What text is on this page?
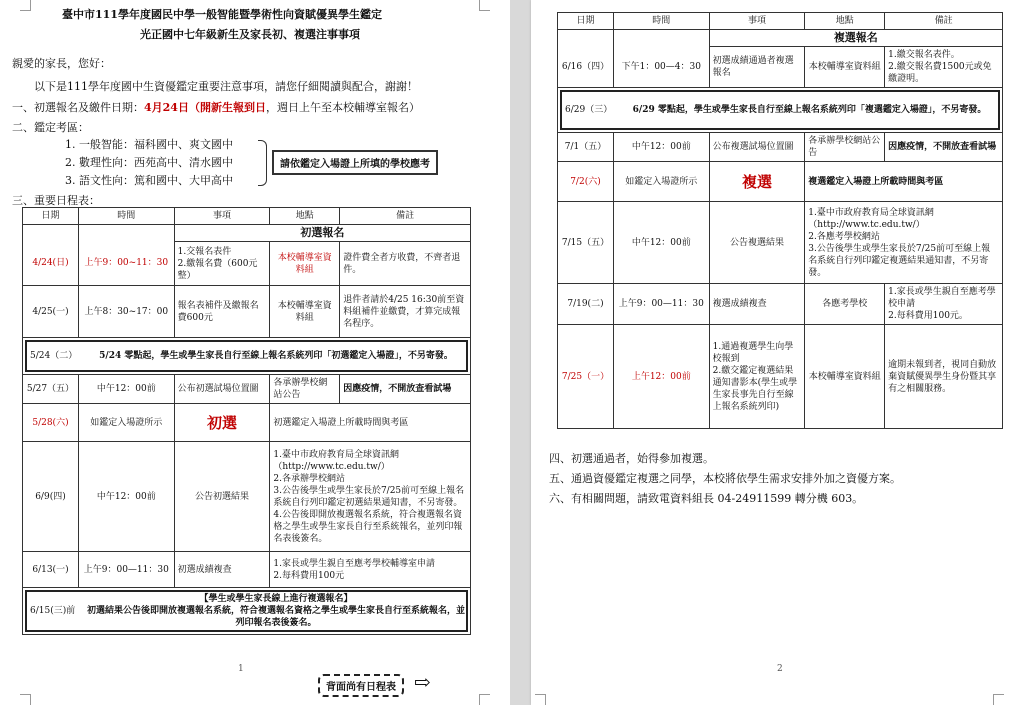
臺中市111學年度國民中學一般智能暨學術性向資賦優異學生鑑定
光正國中七年級新生及家長初、複選注事事項
親愛的家長，您好：
以下是111學年度國中生資優鑑定重要注意事項，請您仔細閱讀與配合，謝謝！
一、初選報名及繳件日期：4月24日（開新生報到日，週日上午至本校輔導室報名）
二、鑑定考區：
1. 一般智能：福科國中、爽文國中
2. 數理性向：西苑高中、清水國中
3. 語文性向：篤和國中、大甲高中
請依鑑定入場證上所填的學校應考
三、重要日程表：
日期	時間	事項	地點	備註
		初選報名		
4/24(日)	上午9：00~11：30	1.交報名表件
2.繳報名費（600元整）	本校輔導室資料組	證件費全者方收費，不齊者退件。
4/25(一)	上午8：30~17：00	報名表補件及繳報名費600元	本校輔導室資料組	退件者請於4/25 16:30前至資料組補件並繳費，才算完成報名程序。

5/24（二） 5/24 零點起，學生或學生家長自行至線上報名系統列印「初選鑑定入場證」，不另寄發。				

5/27（五）	中午12：00前	公布初選試場位置圖	各承辦學校網站公告	因應疫情，不開放查看試場
5/28(六)	如鑑定入場證所示	初選	初選鑑定入場證上所載時間與考區	
6/9(四)	中午12：00前	公告初選結果	1.臺中市政府教育局全球資訊網（http://www.tc.edu.tw/）
2.各承辦學校網站
3.公告後學生或學生家長於7/25前可至線上報名系統自行列印鑑定初選結果通知書，不另寄發。
4.公告後即開放複選報名系統，符合複選報名資格之學生或學生家長自行至系統報名，並列印報名表後簽名。	
6/13(一)	上午9：00—11：30	初選成績複查	1.家長或學生親自至應考學校輔導室申請
2.每科費用100元	

6/15(三)前
【學生或學生家長線上進行複選報名】
初選結果公告後即開放複選報名系統，符合複選報名資格之學生或學生家長自行至系統報名，並列印報名表後簽名。				
1
背面尚有日程表 ⇨
日期	時間	事項	地點	備註
		複選報名		
6/16（四）	下午1：00—4：30	初選成績通過者複選報名	本校輔導室資料組	1.繳交報名表件。
2.繳交報名費1500元或免繳證明。

6/29（三） 6/29 零點起，學生或學生家長自行至線上報名系統列印「複選鑑定入場證」，不另寄發。				

7/1（五）	中午12：00前	公布複選試場位置圖	各承辦學校網站公告	因應疫情，不開放查看試場
7/2(六)	如鑑定入場證所示	複選	複選鑑定入場證上所載時間與考區	
7/15（五）	中午12：00前	公告複選結果	1.臺中市政府教育局全球資訊網（http://www.tc.edu.tw/）
2.各應考學校網站
3.公告後學生或學生家長於7/25前可至線上報名系統自行列印鑑定複選結果通知書，不另寄發。	
7/19(二)	上午9：00—11：30	複選成績複查	各應考學校	1.家長或學生親自至應考學校申請
2.每科費用100元。
7/25（一）	上午12：00前	1.通過複選學生向學校報到
2.繳交鑑定複選結果通知書影本(學生或學生家長事先自行至線上報名系統列印)	本校輔導室資料組	逾期未報到者，視同自動放棄資賦優異學生身份暨其享有之相關服務。
四、初選通過者，始得參加複選。
五、通過資優鑑定複選之同學，本校將依學生需求安排外加之資優方案。
六、有相關問題，請致電資料組長 04-24911599 轉分機 603。
2
